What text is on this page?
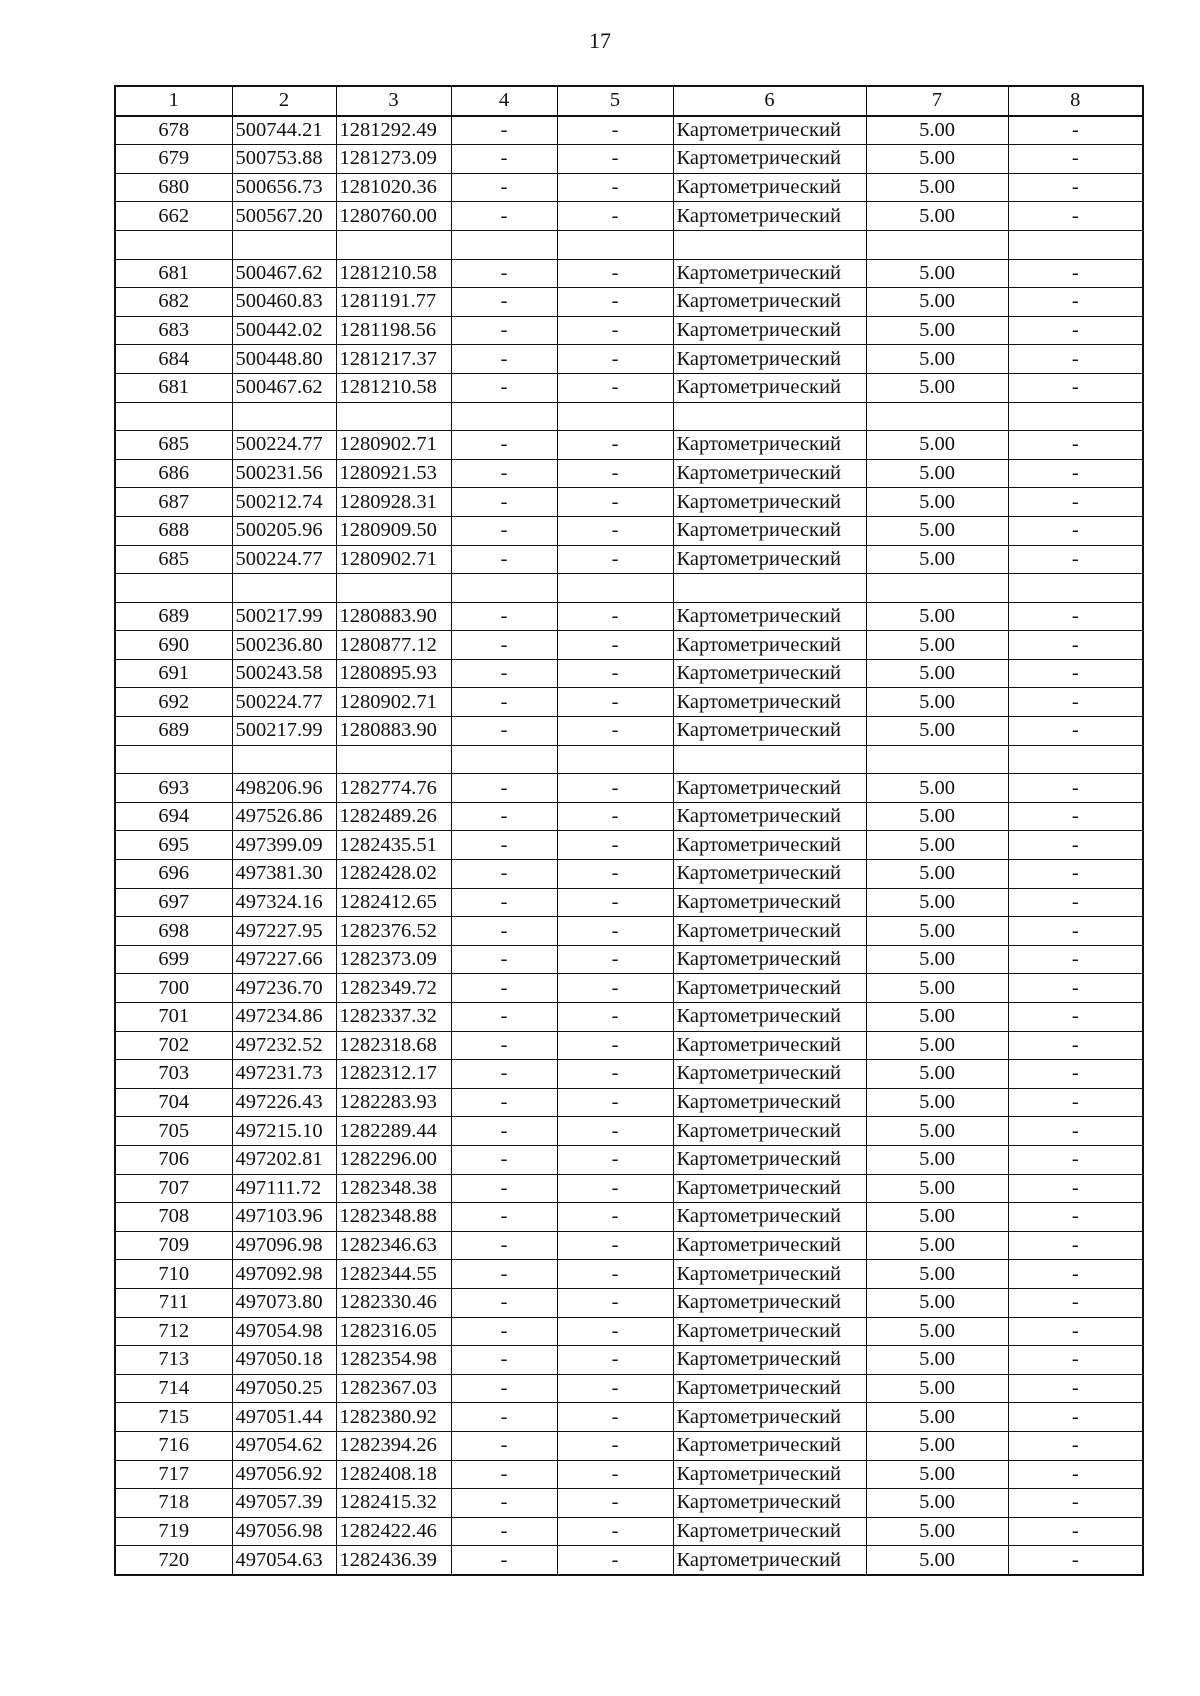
17
1	2	3	4	5	6	7	8
678	500744.21	1281292.49	-	-	Картометрический	5.00	-
679	500753.88	1281273.09	-	-	Картометрический	5.00	-
680	500656.73	1281020.36	-	-	Картометрический	5.00	-
662	500567.20	1280760.00	-	-	Картометрический	5.00	-

681	500467.62	1281210.58	-	-	Картометрический	5.00	-
682	500460.83	1281191.77	-	-	Картометрический	5.00	-
683	500442.02	1281198.56	-	-	Картометрический	5.00	-
684	500448.80	1281217.37	-	-	Картометрический	5.00	-
681	500467.62	1281210.58	-	-	Картометрический	5.00	-

685	500224.77	1280902.71	-	-	Картометрический	5.00	-
686	500231.56	1280921.53	-	-	Картометрический	5.00	-
687	500212.74	1280928.31	-	-	Картометрический	5.00	-
688	500205.96	1280909.50	-	-	Картометрический	5.00	-
685	500224.77	1280902.71	-	-	Картометрический	5.00	-

689	500217.99	1280883.90	-	-	Картометрический	5.00	-
690	500236.80	1280877.12	-	-	Картометрический	5.00	-
691	500243.58	1280895.93	-	-	Картометрический	5.00	-
692	500224.77	1280902.71	-	-	Картометрический	5.00	-
689	500217.99	1280883.90	-	-	Картометрический	5.00	-

693	498206.96	1282774.76	-	-	Картометрический	5.00	-
694	497526.86	1282489.26	-	-	Картометрический	5.00	-
695	497399.09	1282435.51	-	-	Картометрический	5.00	-
696	497381.30	1282428.02	-	-	Картометрический	5.00	-
697	497324.16	1282412.65	-	-	Картометрический	5.00	-
698	497227.95	1282376.52	-	-	Картометрический	5.00	-
699	497227.66	1282373.09	-	-	Картометрический	5.00	-
700	497236.70	1282349.72	-	-	Картометрический	5.00	-
701	497234.86	1282337.32	-	-	Картометрический	5.00	-
702	497232.52	1282318.68	-	-	Картометрический	5.00	-
703	497231.73	1282312.17	-	-	Картометрический	5.00	-
704	497226.43	1282283.93	-	-	Картометрический	5.00	-
705	497215.10	1282289.44	-	-	Картометрический	5.00	-
706	497202.81	1282296.00	-	-	Картометрический	5.00	-
707	497111.72	1282348.38	-	-	Картометрический	5.00	-
708	497103.96	1282348.88	-	-	Картометрический	5.00	-
709	497096.98	1282346.63	-	-	Картометрический	5.00	-
710	497092.98	1282344.55	-	-	Картометрический	5.00	-
711	497073.80	1282330.46	-	-	Картометрический	5.00	-
712	497054.98	1282316.05	-	-	Картометрический	5.00	-
713	497050.18	1282354.98	-	-	Картометрический	5.00	-
714	497050.25	1282367.03	-	-	Картометрический	5.00	-
715	497051.44	1282380.92	-	-	Картометрический	5.00	-
716	497054.62	1282394.26	-	-	Картометрический	5.00	-
717	497056.92	1282408.18	-	-	Картометрический	5.00	-
718	497057.39	1282415.32	-	-	Картометрический	5.00	-
719	497056.98	1282422.46	-	-	Картометрический	5.00	-
720	497054.63	1282436.39	-	-	Картометрический	5.00	-
